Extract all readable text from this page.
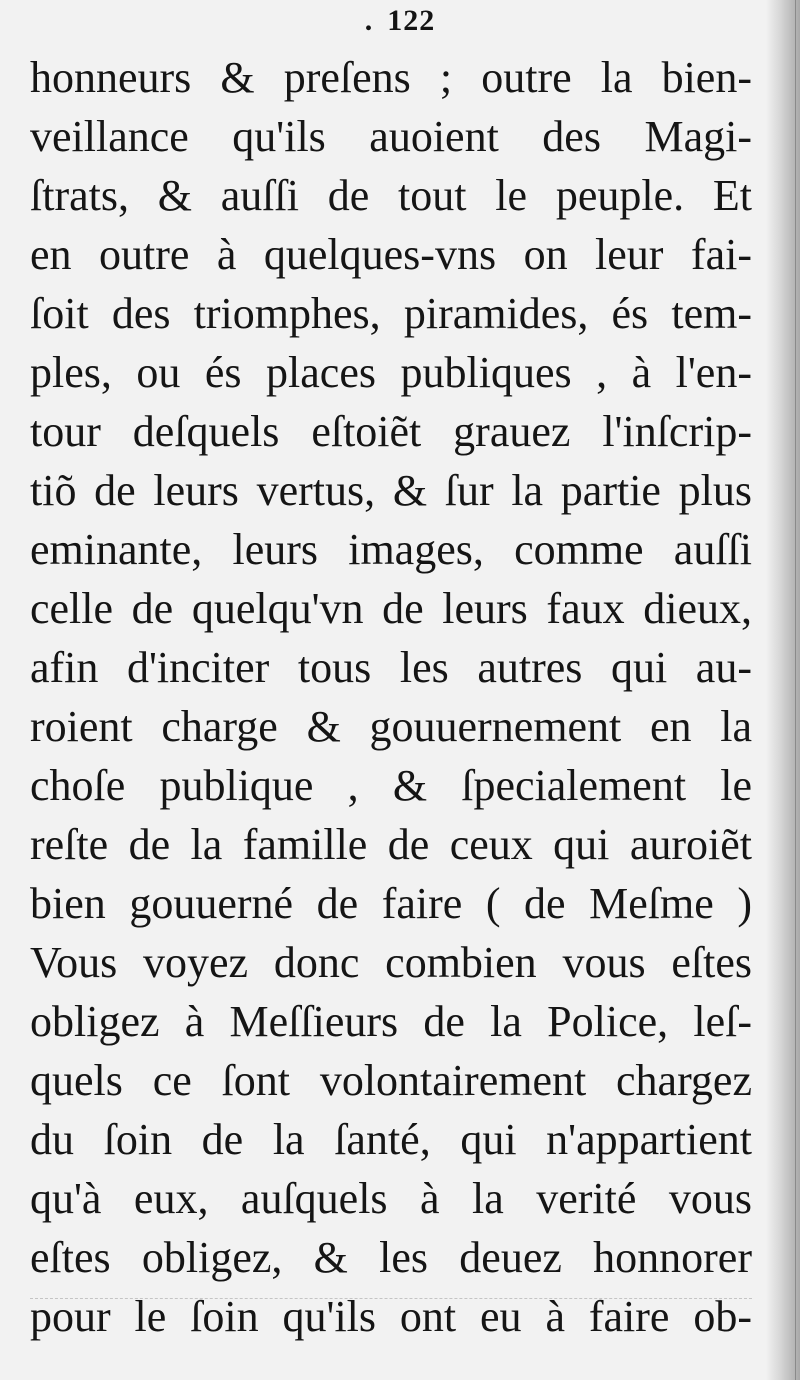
. 122
honneurs & preſens ; outre la bien-
veillance qu'ils auoient des Magi-
ſtrats, & auſſi de tout le peuple. Et
en outre à quelques-vns on leur fai-
ſoit des triomphes, piramides, és tem-
ples, ou és places publiques , à l'en-
tour deſquels eſtoiẽt grauez l'inſcrip-
tiõ de leurs vertus, & ſur la partie plus
eminante, leurs images, comme auſſi
celle de quelqu'vn de leurs faux dieux,
afin d'inciter tous les autres qui au-
roient charge & gouuernement en la
choſe publique , & ſpecialement le
reſte de la famille de ceux qui auroiẽt
bien gouuerné de faire ( de Meſme )
Vous voyez donc combien vous eſtes
obligez à Meſſieurs de la Police, leſ-
quels ce ſont volontairement chargez
du ſoin de la ſanté, qui n'appartient
qu'à eux, auſquels à la verité vous
eſtes obligez, & les deuez honnorer
pour le ſoin qu'ils ont eu à faire ob-
